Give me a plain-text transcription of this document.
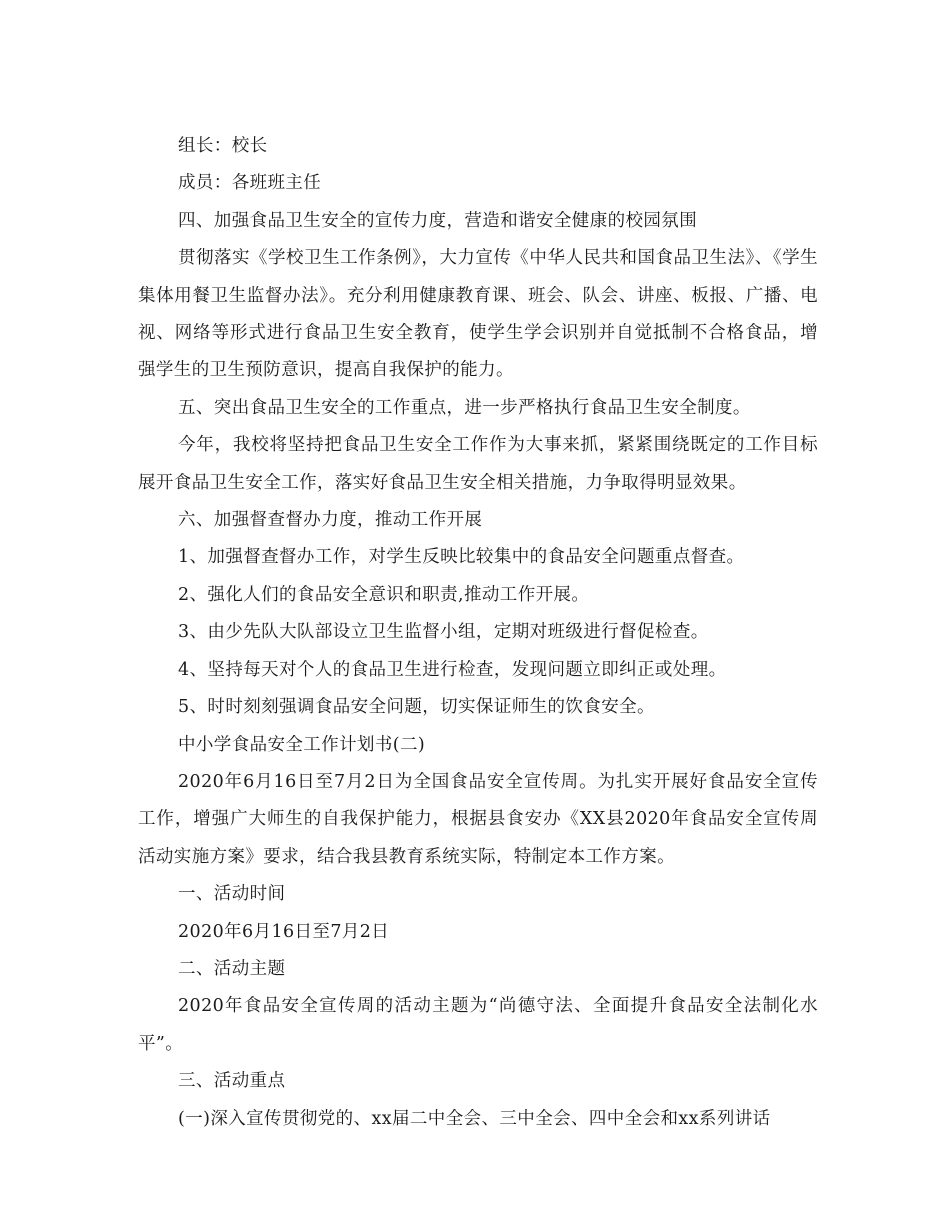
组长：校长

成员：各班班主任

四、加强食品卫生安全的宣传力度，营造和谐安全健康的校园氛围

贯彻落实《学校卫生工作条例》，大力宣传《中华人民共和国食品卫生法》、《学生集体用餐卫生监督办法》。充分利用健康教育课、班会、队会、讲座、板报、广播、电视、网络等形式进行食品卫生安全教育，使学生学会识别并自觉抵制不合格食品，增强学生的卫生预防意识，提高自我保护的能力。

五、突出食品卫生安全的工作重点，进一步严格执行食品卫生安全制度。

今年，我校将坚持把食品卫生安全工作作为大事来抓，紧紧围绕既定的工作目标展开食品卫生安全工作，落实好食品卫生安全相关措施，力争取得明显效果。

六、加强督查督办力度，推动工作开展

1、加强督查督办工作，对学生反映比较集中的食品安全问题重点督查。

2、强化人们的食品安全意识和职责,推动工作开展。

3、由少先队大队部设立卫生监督小组，定期对班级进行督促检查。

4、坚持每天对个人的食品卫生进行检查，发现问题立即纠正或处理。

5、时时刻刻强调食品安全问题，切实保证师生的饮食安全。

中小学食品安全工作计划书(二)

2020年6月16日至7月2日为全国食品安全宣传周。为扎实开展好食品安全宣传工作，增强广大师生的自我保护能力，根据县食安办《XX县2020年食品安全宣传周活动实施方案》要求，结合我县教育系统实际，特制定本工作方案。

一、活动时间

2020年6月16日至7月2日

二、活动主题

2020年食品安全宣传周的活动主题为“尚德守法、全面提升食品安全法制化水平”。

三、活动重点

(一)深入宣传贯彻党的、xx届二中全会、三中全会、四中全会和xx系列讲话
